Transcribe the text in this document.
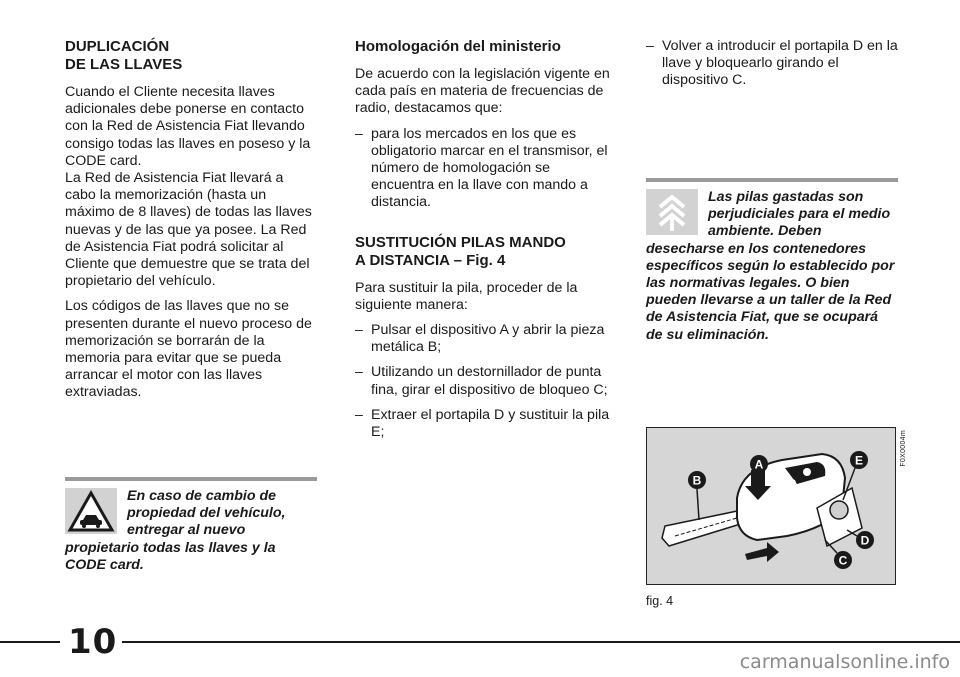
DUPLICACIÓN
DE LAS LLAVES

Cuando el Cliente necesita llaves adicionales debe ponerse en contacto con la Red de Asistencia Fiat llevando consigo todas las llaves en poseso y la CODE card.

La Red de Asistencia Fiat llevará a cabo la memorización (hasta un máximo de 8 llaves) de todas las llaves nuevas y de las que ya posee. La Red de Asistencia Fiat podrá solicitar al Cliente que demuestre que se trata del propietario del vehículo.

Los códigos de las llaves que no se presenten durante el nuevo proceso de memorización se borrarán de la memoria para evitar que se pueda arrancar el motor con las llaves extraviadas.

En caso de cambio de propiedad del vehículo, entregar al nuevo propietario todas las llaves y la CODE card.
Homologación del ministerio

De acuerdo con la legislación vigente en cada país en materia de frecuencias de radio, destacamos que:

– para los mercados en los que es obligatorio marcar en el transmisor, el número de homologación se encuentra en la llave con mando a distancia.
SUSTITUCIÓN PILAS MANDO
A DISTANCIA – Fig. 4

Para sustituir la pila, proceder de la siguiente manera:

– Pulsar el dispositivo A y abrir la pieza metálica B;
– Utilizando un destornillador de punta fina, girar el dispositivo de bloqueo C;
– Extraer el portapila D y sustituir la pila E;
– Volver a introducir el portapila D en la llave y bloquearlo girando el dispositivo C.
Las pilas gastadas son perjudiciales para el medio ambiente. Deben desecharse en los contenedores específicos según lo establecido por las normativas legales. O bien pueden llevarse a un taller de la Red de Asistencia Fiat, que se ocupará de su eliminación.
A
B
C
D
E	F0X0004m
fig. 4
10	carmanualsonline.info
